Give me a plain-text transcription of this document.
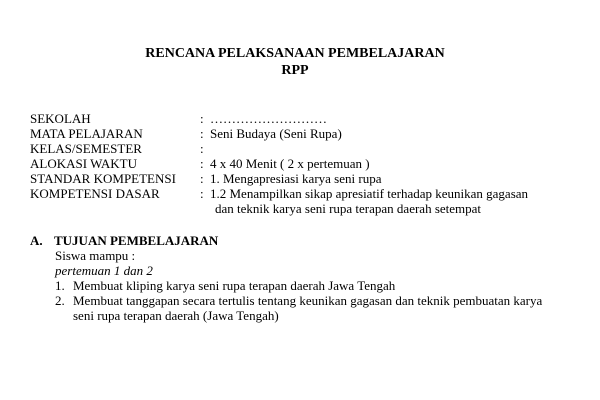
RENCANA PELAKSANAAN PEMBELAJARAN
RPP
SEKOLAH	: ………………………
MATA PELAJARAN	: Seni Budaya (Seni Rupa)
KELAS/SEMESTER	:
ALOKASI WAKTU	: 4 x 40 Menit ( 2 x pertemuan )
STANDAR KOMPETENSI : 1. Mengapresiasi karya seni rupa
KOMPETENSI DASAR	: 1.2 Menampilkan sikap apresiatif terhadap keunikan gagasan
dan teknik karya seni rupa terapan daerah setempat
A. TUJUAN PEMBELAJARAN
Siswa mampu :
pertemuan 1 dan 2
1. Membuat kliping karya seni rupa terapan daerah Jawa Tengah
2. Membuat tanggapan secara tertulis tentang keunikan gagasan dan teknik pembuatan karya
seni rupa terapan daerah (Jawa Tengah)
